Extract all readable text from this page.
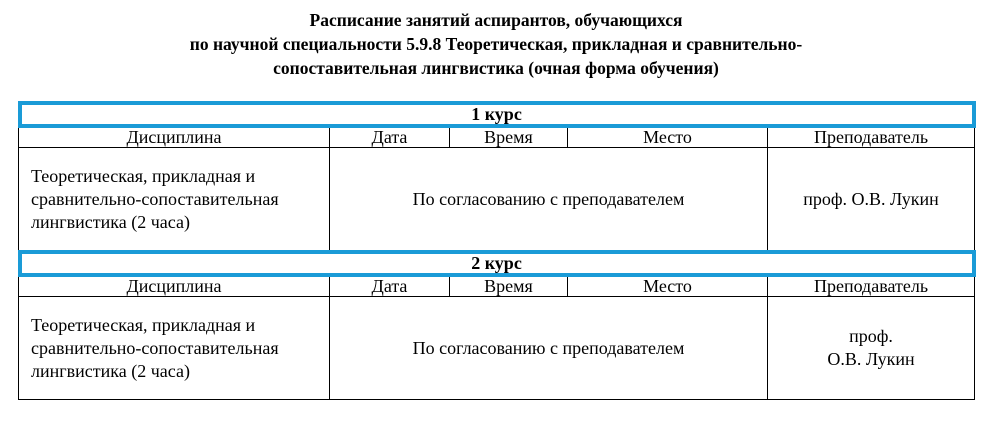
Расписание занятий аспирантов, обучающихся
по научной специальности 5.9.8 Теоретическая, прикладная и сравнительно-
сопоставительная лингвистика (очная форма обучения)
1 курс				
Дисциплина	Дата	Время	Место	Преподаватель
Теоретическая, прикладная и сравнительно-сопоставительная лингвистика (2 часа)	По согласованию с преподавателем			проф. О.В. Лукин
2 курс				
Дисциплина	Дата	Время	Место	Преподаватель
Теоретическая, прикладная и сравнительно-сопоставительная лингвистика (2 часа)	По согласованию с преподавателем			проф.
О.В. Лукин
